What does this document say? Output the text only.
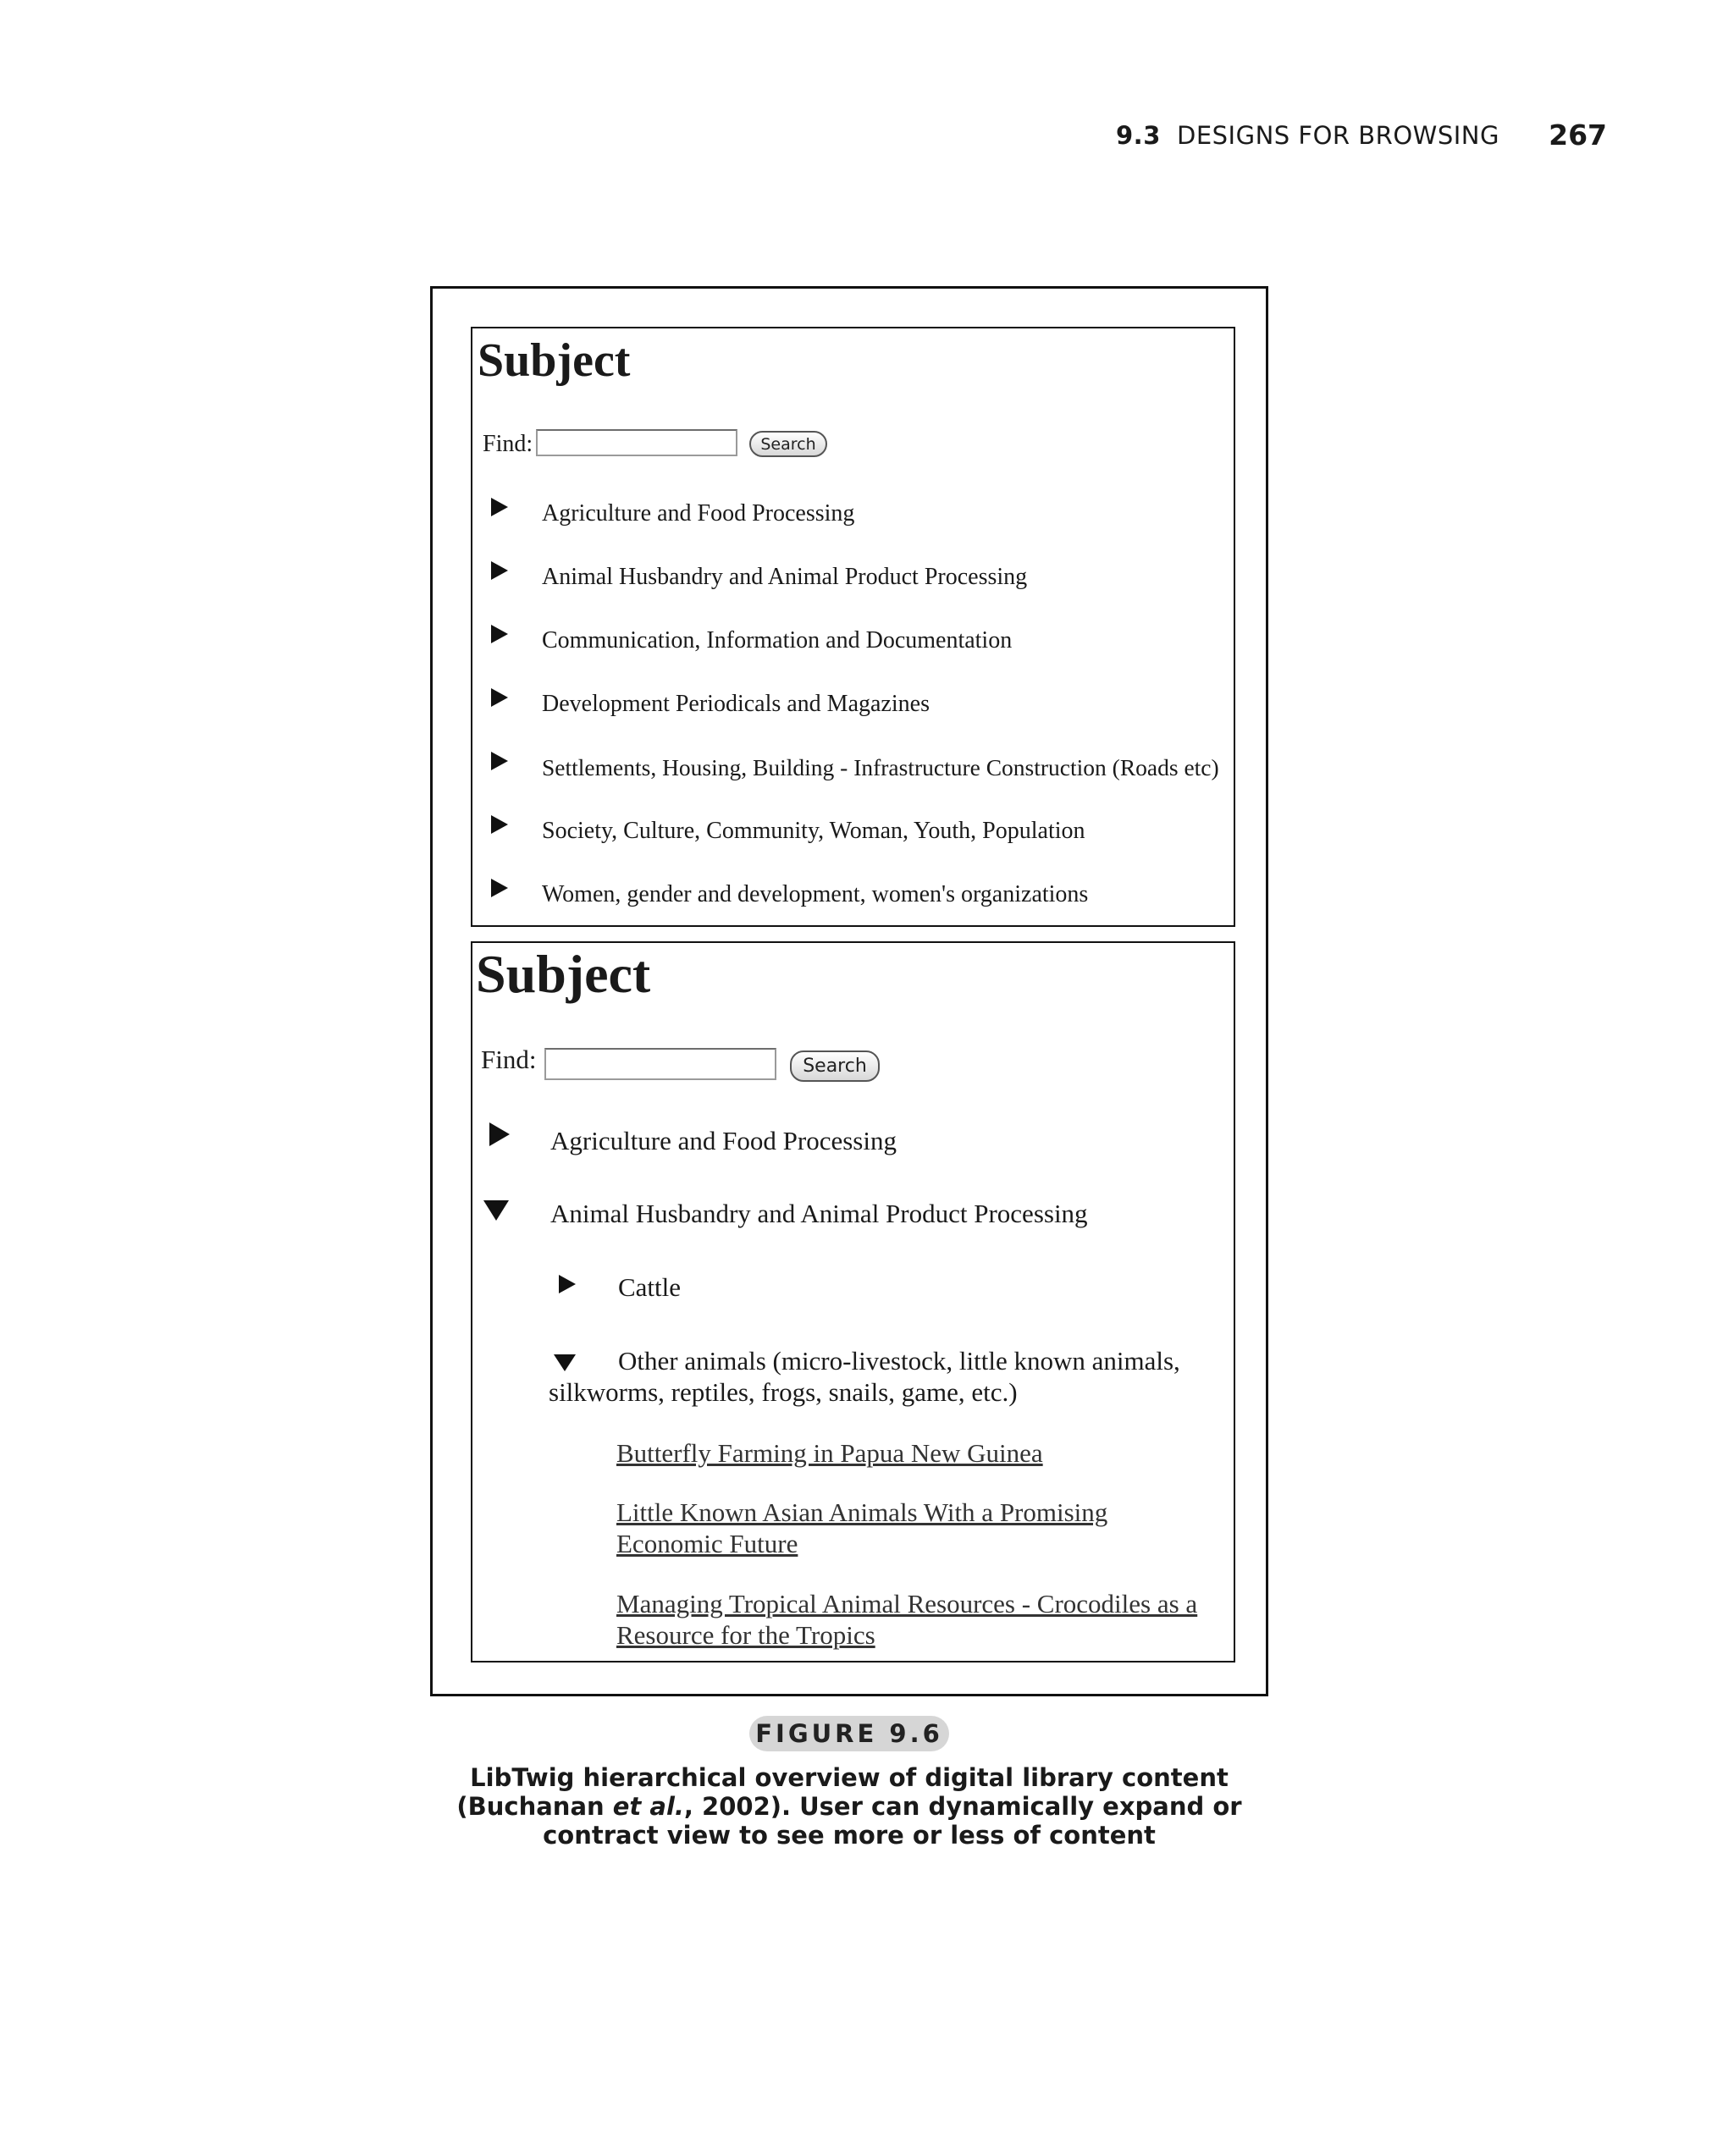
9.3 DESIGNS FOR BROWSING 267
Subject
Find:	Search
Agriculture and Food Processing
Animal Husbandry and Animal Product Processing
Communication, Information and Documentation
Development Periodicals and Magazines
Settlements, Housing, Building - Infrastructure Construction (Roads etc)
Society, Culture, Community, Woman, Youth, Population
Women, gender and development, women's organizations
Subject
Find:	Search
Agriculture and Food Processing
Animal Husbandry and Animal Product Processing
Cattle
Other animals (micro-livestock, little known animals, silkworms, reptiles, frogs, snails, game, etc.)
Butterfly Farming in Papua New Guinea
Little Known Asian Animals With a Promising Economic Future
Managing Tropical Animal Resources - Crocodiles as a Resource for the Tropics
FIGURE 9.6
LibTwig hierarchical overview of digital library content (Buchanan et al., 2002). User can dynamically expand or contract view to see more or less of content
